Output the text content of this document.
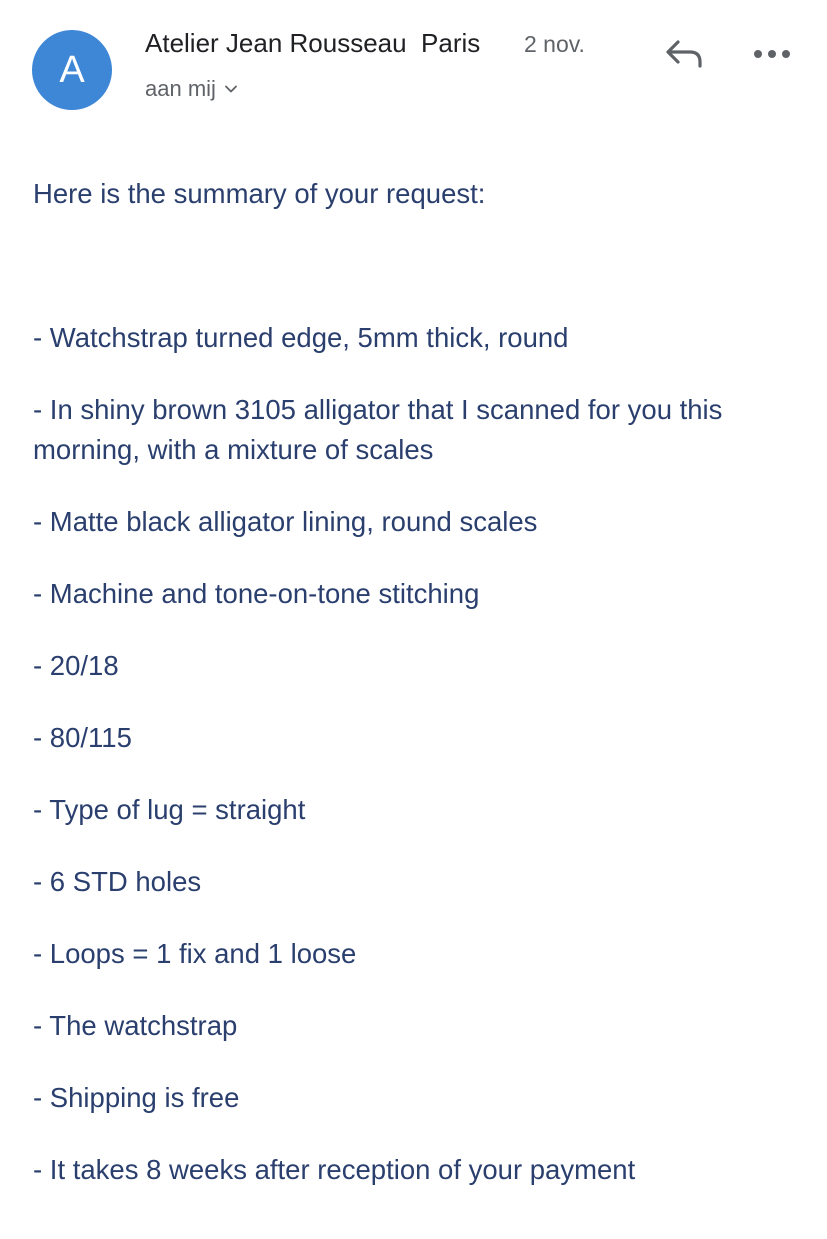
A
Atelier Jean Rousseau  Paris 2 nov.
aan mij
Here is the summary of your request:
- Watchstrap turned edge, 5mm thick, round
- In shiny brown 3105 alligator that I scanned for you this morning, with a mixture of scales
- Matte black alligator lining, round scales
- Machine and tone-on-tone stitching
- 20/18
- 80/115
- Type of lug = straight
- 6 STD holes
- Loops = 1 fix and 1 loose
- The watchstrap
- Shipping is free
- It takes 8 weeks after reception of your payment
